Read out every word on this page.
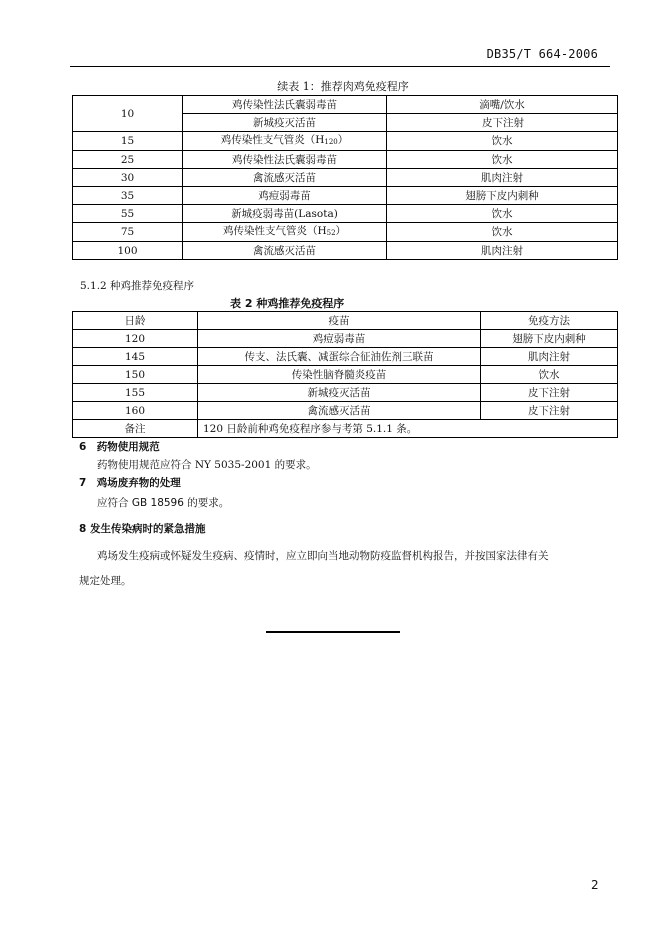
DB35/T 664-2006
续表 1：推荐肉鸡免疫程序
10	鸡传染性法氏囊弱毒苗	滴嘴/饮水
	新城疫灭活苗	皮下注射
15	鸡传染性支气管炎$(H_{120})$	饮水
25	鸡传染性法氏囊弱毒苗	饮水
30	禽流感灭活苗	肌肉注射
35	鸡痘弱毒苗	翅膀下皮内刺种
55	新城疫弱毒苗(Lasota)	饮水
75	鸡传染性支气管炎$(H_{52})$	饮水
100	禽流感灭活苗	肌肉注射
5.1.2 种鸡推荐免疫程序
表 2 种鸡推荐免疫程序
日龄	疫苗	免疫方法
120	鸡痘弱毒苗	翅膀下皮内刺种
145	传支、法氏囊、减蛋综合征油佐剂三联苗	肌肉注射
150	传染性脑脊髓炎疫苗	饮水
155	新城疫灭活苗	皮下注射
160	禽流感灭活苗	皮下注射
备注	120 日龄前种鸡免疫程序参与考第 5.1.1 条。	
6　药物使用规范
药物使用规范应符合 NY 5035-2001 的要求。
7　鸡场废弃物的处理
应符合 GB 18596 的要求。
8 发生传染病时的紧急措施
鸡场发生疫病或怀疑发生疫病、疫情时，应立即向当地动物防疫监督机构报告，并按国家法律有关
规定处理。
2
